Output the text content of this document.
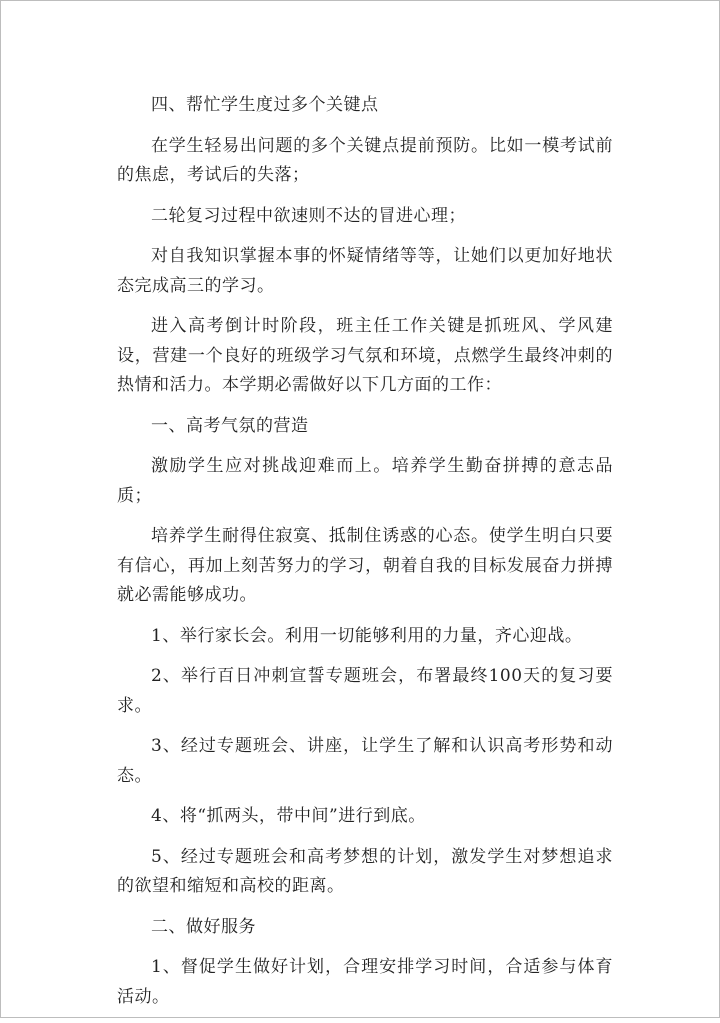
四、帮忙学生度过多个关键点

在学生轻易出问题的多个关键点提前预防。比如一模考试前的焦虑，考试后的失落；

二轮复习过程中欲速则不达的冒进心理；

对自我知识掌握本事的怀疑情绪等等，让她们以更加好地状态完成高三的学习。

进入高考倒计时阶段，班主任工作关键是抓班风、学风建设，营建一个良好的班级学习气氛和环境，点燃学生最终冲刺的热情和活力。本学期必需做好以下几方面的工作：

一、高考气氛的营造

激励学生应对挑战迎难而上。培养学生勤奋拼搏的意志品质；

培养学生耐得住寂寞、抵制住诱惑的心态。使学生明白只要有信心，再加上刻苦努力的学习，朝着自我的目标发展奋力拼搏就必需能够成功。

1、举行家长会。利用一切能够利用的力量，齐心迎战。

2、举行百日冲刺宣誓专题班会，布署最终100天的复习要求。

3、经过专题班会、讲座，让学生了解和认识高考形势和动态。

4、将“抓两头，带中间”进行到底。

5、经过专题班会和高考梦想的计划，激发学生对梦想追求的欲望和缩短和高校的距离。

二、做好服务

1、督促学生做好计划，合理安排学习时间，合适参与体育活动。
